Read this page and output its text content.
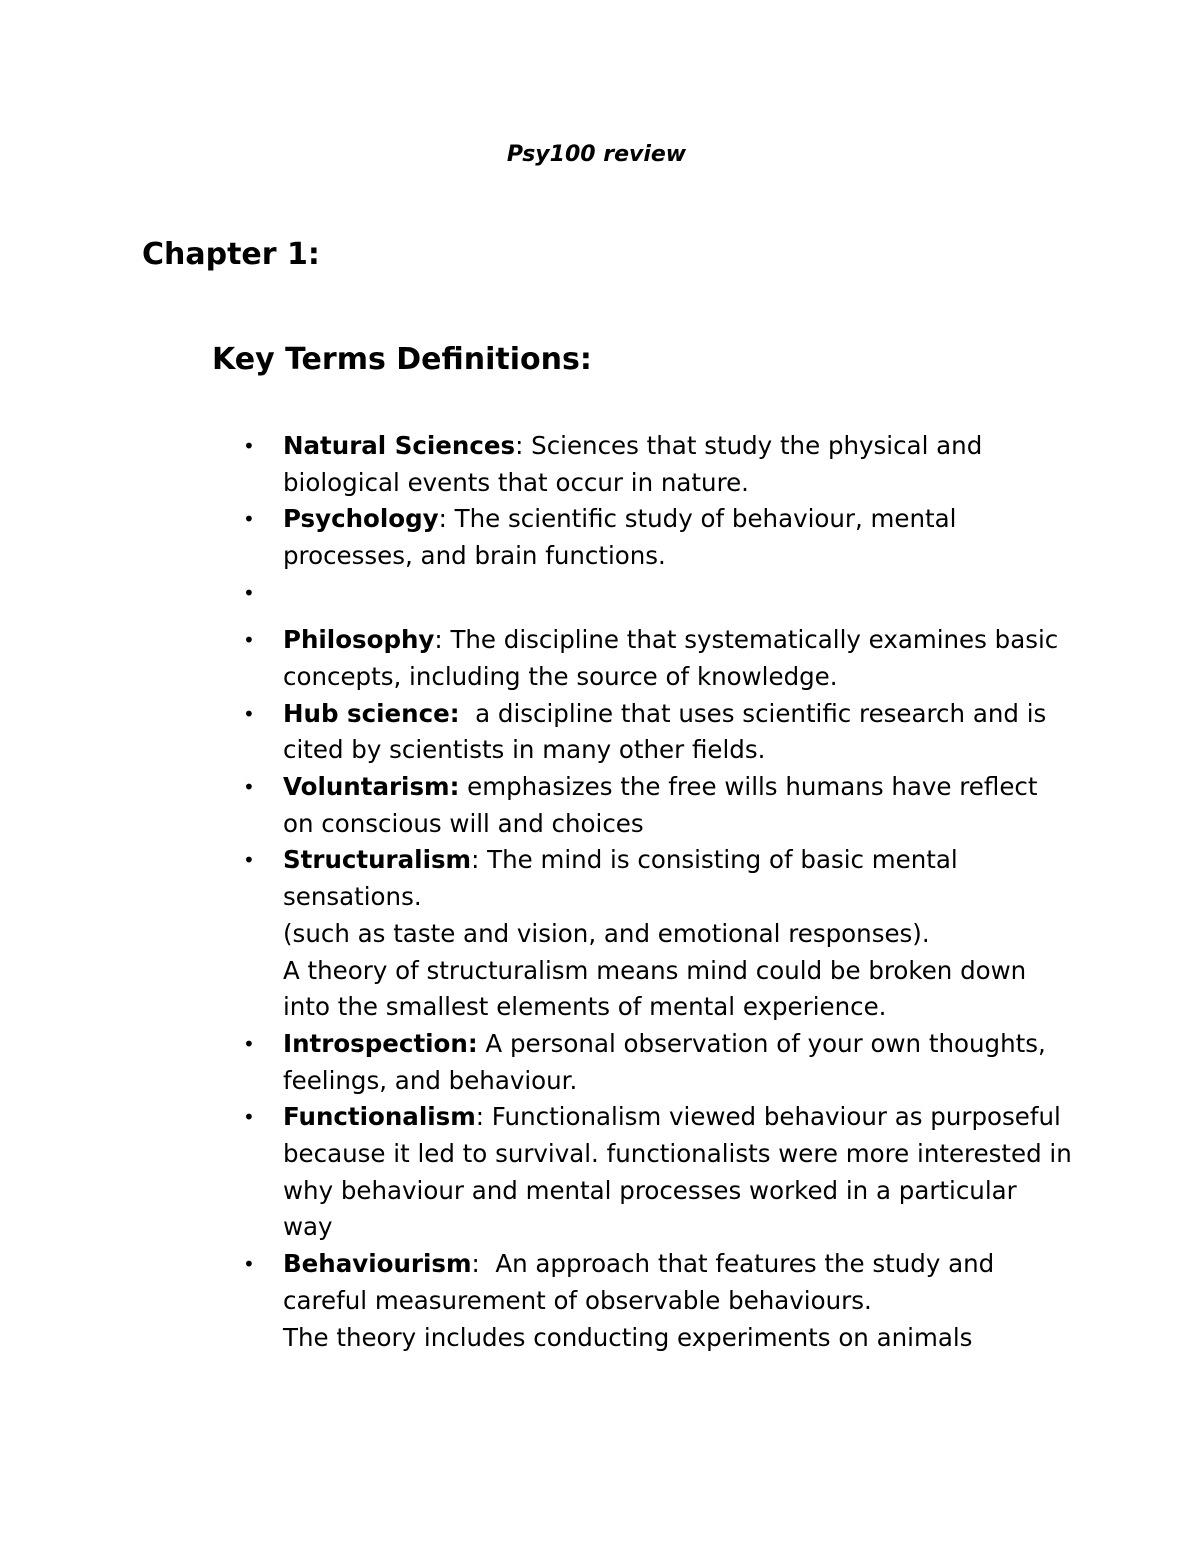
Psy100 review

Chapter 1:
Key Terms Definitions:
• Natural Sciences: Sciences that study the physical and biological events that occur in nature.
• Psychology: The scientific study of behaviour, mental processes, and brain functions.
•
• Philosophy: The discipline that systematically examines basic concepts, including the source of knowledge.
• Hub science: a discipline that uses scientific research and is cited by scientists in many other fields.
• Voluntarism: emphasizes the free wills humans have reflect on conscious will and choices
• Structuralism: The mind is consisting of basic mental sensations.
(such as taste and vision, and emotional responses).
A theory of structuralism means mind could be broken down into the smallest elements of mental experience.
• Introspection: A personal observation of your own thoughts, feelings, and behaviour.
• Functionalism: Functionalism viewed behaviour as purposeful because it led to survival. functionalists were more interested in why behaviour and mental processes worked in a particular way
• Behaviourism:  An approach that features the study and careful measurement of observable behaviours.
The theory includes conducting experiments on animals
